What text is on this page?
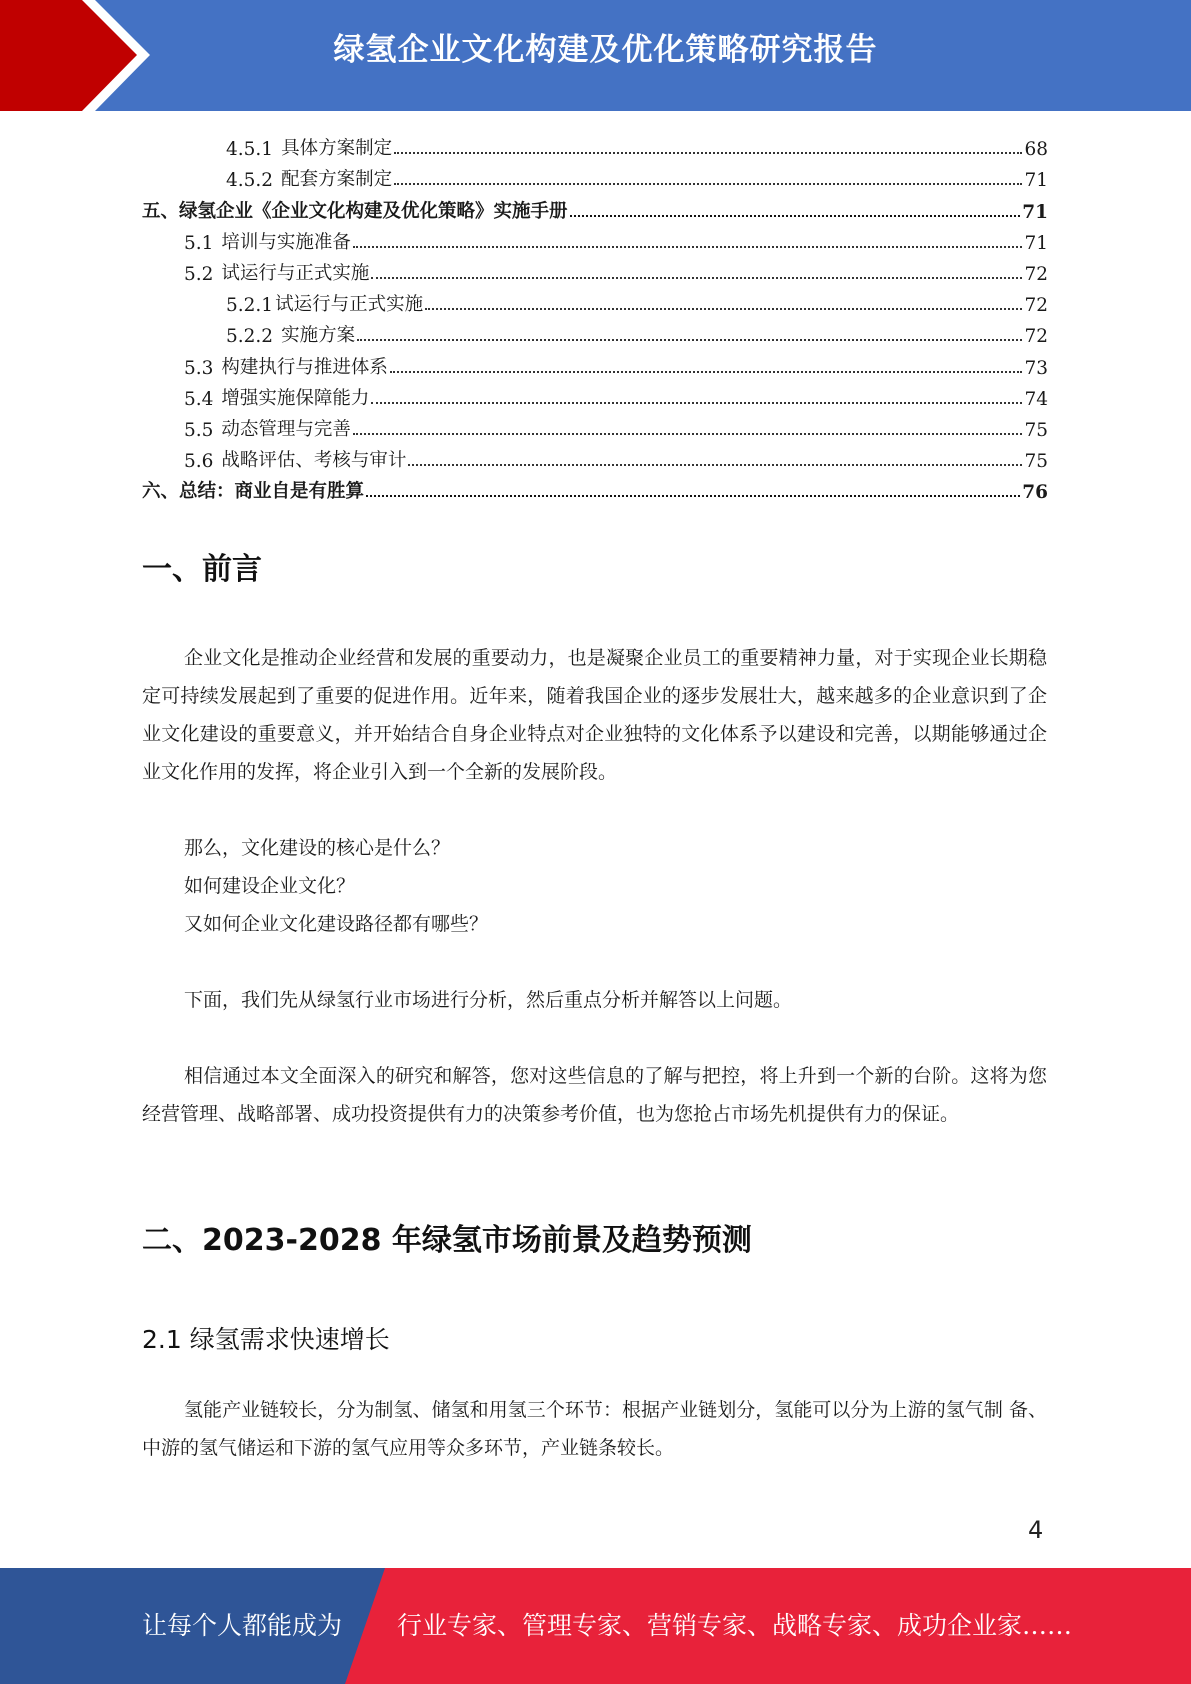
绿氢企业文化构建及优化策略研究报告
4.5.1 具体方案制定	68
4.5.2 配套方案制定	71
五、绿氢企业《企业文化构建及优化策略》实施手册	71
5.1 培训与实施准备	71
5.2 试运行与正式实施	72
5.2.1 试运行与正式实施	72
5.2.2 实施方案	72
5.3 构建执行与推进体系	73
5.4 增强实施保障能力	74
5.5 动态管理与完善	75
5.6 战略评估、考核与审计	75
六、总结：商业自是有胜算	76
一、前言
企业文化是推动企业经营和发展的重要动力，也是凝聚企业员工的重要精神力量，对于实现企业长期稳定可持续发展起到了重要的促进作用。近年来，随着我国企业的逐步发展壮大，越来越多的企业意识到了企业文化建设的重要意义，并开始结合自身企业特点对企业独特的文化体系予以建设和完善，以期能够通过企业文化作用的发挥，将企业引入到一个全新的发展阶段。
那么，文化建设的核心是什么？
如何建设企业文化？
又如何企业文化建设路径都有哪些？
下面，我们先从绿氢行业市场进行分析，然后重点分析并解答以上问题。
相信通过本文全面深入的研究和解答，您对这些信息的了解与把控，将上升到一个新的台阶。这将为您经营管理、战略部署、成功投资提供有力的决策参考价值，也为您抢占市场先机提供有力的保证。
二、2023-2028 年绿氢市场前景及趋势预测
2.1 绿氢需求快速增长
氢能产业链较长，分为制氢、储氢和用氢三个环节：根据产业链划分，氢能可以分为上游的氢气制 备、中游的氢气储运和下游的氢气应用等众多环节，产业链条较长。
4
让每个人都能成为 行业专家、管理专家、营销专家、战略专家、成功企业家……
